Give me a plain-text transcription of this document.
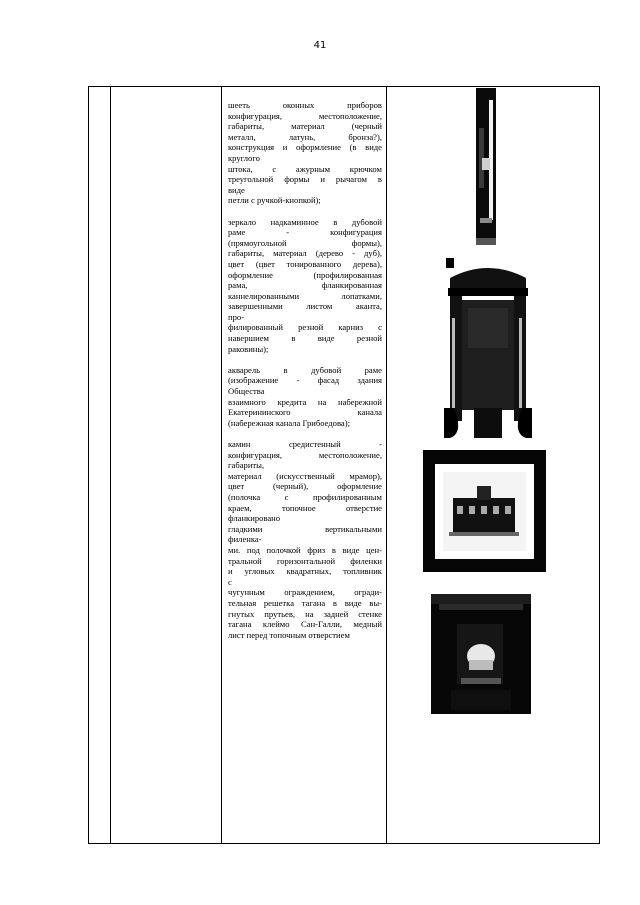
41
шееть оконных приборов
конфигурация, местоположение,
габариты, материал (черный
металл, латунь, бронза?),
конструкция и оформление (в виде
круглого
штока, с ажурным крючком
треугольной формы и рычагом в
виде
петли с ручкой-кнопкой);
зеркало надкаминное в дубовой
раме - конфигурация
(прямоугольной формы),
габариты, материал (дерево - дуб),
цвет (цвет тонированного дерева),
оформление (профилированная
рама, фланкированная
каннелированными лопатками,
завершенными листом аканта,
про-
филированный резной карниз с
навершием в виде резной
раковины);
акварель в дубовой раме
(изображение - фасад здания
Общества
взаимного кредита на набережной
Екатерининского канала
(набережная канала Грибоедова);
камин средистенный -
конфигурация, местоположение,
габариты,
материал (искусственный мрамор),
цвет (черный), оформление
(полочка с профилированным
краем, топочное отверстие
фланкировано
гладкими вертикальными
филенка-
ми. под полочкой фриз в виде цен-
тральной горизонтальной филенки
и угловых квадратных, топливник
с
чугунным ограждением, огради-
тельная решетка тагана в виде вы-
гнутых прутьев, на задней стенке
тагана клеймо Сан-Галли, медный
лист перед топочным отверстием
